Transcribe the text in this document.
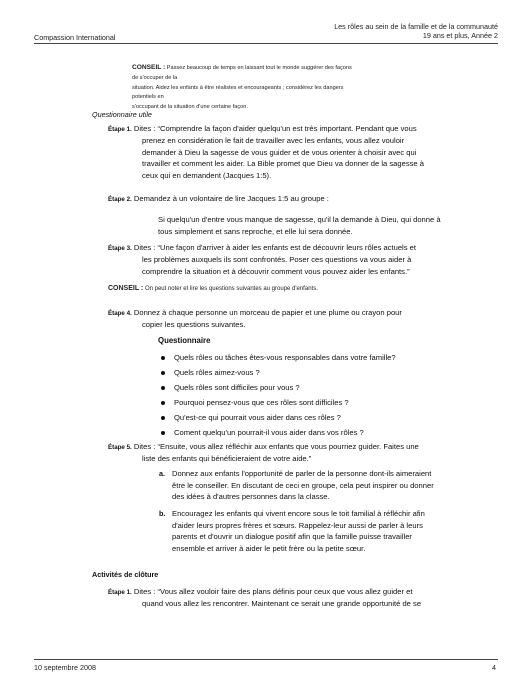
Les rôles au sein de la famille et de la communauté
19 ans et plus, Année 2
Compassion International
CONSEIL : Passez beaucoup de temps en laissant tout le monde suggérer des façons de s'occuper de la
situation. Aidez les enfants à être réalistes et encourageants ; considérez les dangers potentiels en
s'occupant de la situation d'une certaine façon.
Questionnaire utile
Étape 1. Dites : “Comprendre la façon d'aider quelqu'un est très important. Pendant que vous
prenez en considération le fait de travailler avec les enfants, vous allez vouloir
demander à Dieu la sagesse de vous guider et de vous orienter à choisir avec qui
travailler et comment les aider. La Bible promet que Dieu va donner de la sagesse à
ceux qui en demandent (Jacques 1:5).
Étape 2. Demandez à un volontaire de lire Jacques 1:5 au groupe :
Si quelqu'un d'entre vous manque de sagesse, qu'il la demande à Dieu, qui donne à
tous simplement et sans reproche, et elle lui sera donnée.
Étape 3. Dites : “Une façon d'arriver à aider les enfants est de découvrir leurs rôles actuels et
les problèmes auxquels ils sont confrontés. Poser ces questions va vous aider à
comprendre la situation et à découvrir comment vous pouvez aider les enfants.”
CONSEIL : On peut noter et lire les questions suivantes au groupe d'enfants.
Étape 4. Donnez à chaque personne un morceau de papier et une plume ou crayon pour
copier les questions suivantes.
Questionnaire
Quels rôles ou tâches êtes-vous responsables dans votre famille?
Quels rôles aimez-vous ?
Quels rôles sont difficiles pour vous ?
Pourquoi pensez-vous que ces rôles sont difficiles ?
Qu'est-ce qui pourrait vous aider dans ces rôles ?
Coment quelqu'un pourrait-il vous aider dans vos rôles ?
Étape 5. Dites : “Ensuite, vous allez réfléchir aux enfants que vous pourriez guider. Faites une
liste des enfants qui bénéficieraient de votre aide.”
a. Donnez aux enfants l'opportunité de parler de la personne dont-ils aimeraient
être le conseiller. En discutant de ceci en groupe, cela peut inspirer ou donner
des idées à d'autres personnes dans la classe.
b. Encouragez les enfants qui vivent encore sous le toit familial à réfléchir afin
d'aider leurs propres frères et sœurs. Rappelez-leur aussi de parler à leurs
parents et d'ouvrir un dialogue positif afin que la famille puisse travailler
ensemble et arriver à aider le petit frère ou la petite sœur.
Activités de clôture
Étape 1. Dites : “Vous allez vouloir faire des plans définis pour ceux que vous allez guider et
quand vous allez les rencontrer. Maintenant ce serait une grande opportunité de se
10 septembre 2008	4
